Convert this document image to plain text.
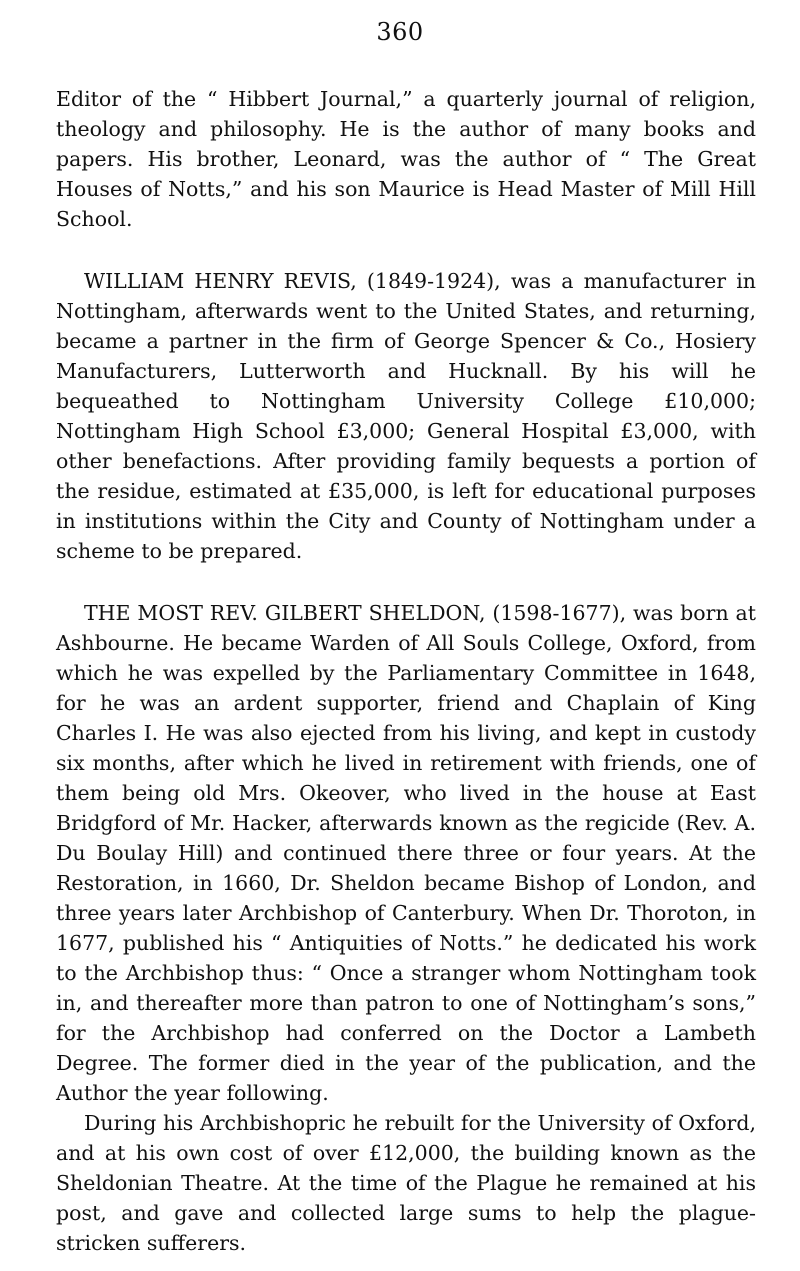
360

Editor of the “ Hibbert Journal,” a quarterly journal of religion, theology and philosophy. He is the author of many books and papers. His brother, Leonard, was the author of “ The Great Houses of Notts,” and his son Maurice is Head Master of Mill Hill School.

WILLIAM HENRY REVIS, (1849-1924), was a manufacturer in Nottingham, afterwards went to the United States, and returning, became a partner in the firm of George Spencer & Co., Hosiery Manufacturers, Lutterworth and Hucknall. By his will he bequeathed to Nottingham University College £10,000; Nottingham High School £3,000; General Hospital £3,000, with other benefactions. After providing family bequests a portion of the residue, estimated at £35,000, is left for educational purposes in institutions within the City and County of Nottingham under a scheme to be prepared.

THE MOST REV. GILBERT SHELDON, (1598-1677), was born at Ashbourne. He became Warden of All Souls College, Oxford, from which he was expelled by the Parliamentary Committee in 1648, for he was an ardent supporter, friend and Chaplain of King Charles I. He was also ejected from his living, and kept in custody six months, after which he lived in retirement with friends, one of them being old Mrs. Okeover, who lived in the house at East Bridgford of Mr. Hacker, afterwards known as the regicide (Rev. A. Du Boulay Hill) and continued there three or four years. At the Restoration, in 1660, Dr. Sheldon became Bishop of London, and three years later Archbishop of Canterbury. When Dr. Thoroton, in 1677, published his “ Antiquities of Notts.” he dedicated his work to the Archbishop thus: “ Once a stranger whom Nottingham took in, and thereafter more than patron to one of Nottingham’s sons,” for the Archbishop had conferred on the Doctor a Lambeth Degree. The former died in the year of the publication, and the Author the year following.

During his Archbishopric he rebuilt for the University of Oxford, and at his own cost of over £12,000, the building known as the Sheldonian Theatre. At the time of the Plague he remained at his post, and gave and collected large sums to help the plague-stricken sufferers.
